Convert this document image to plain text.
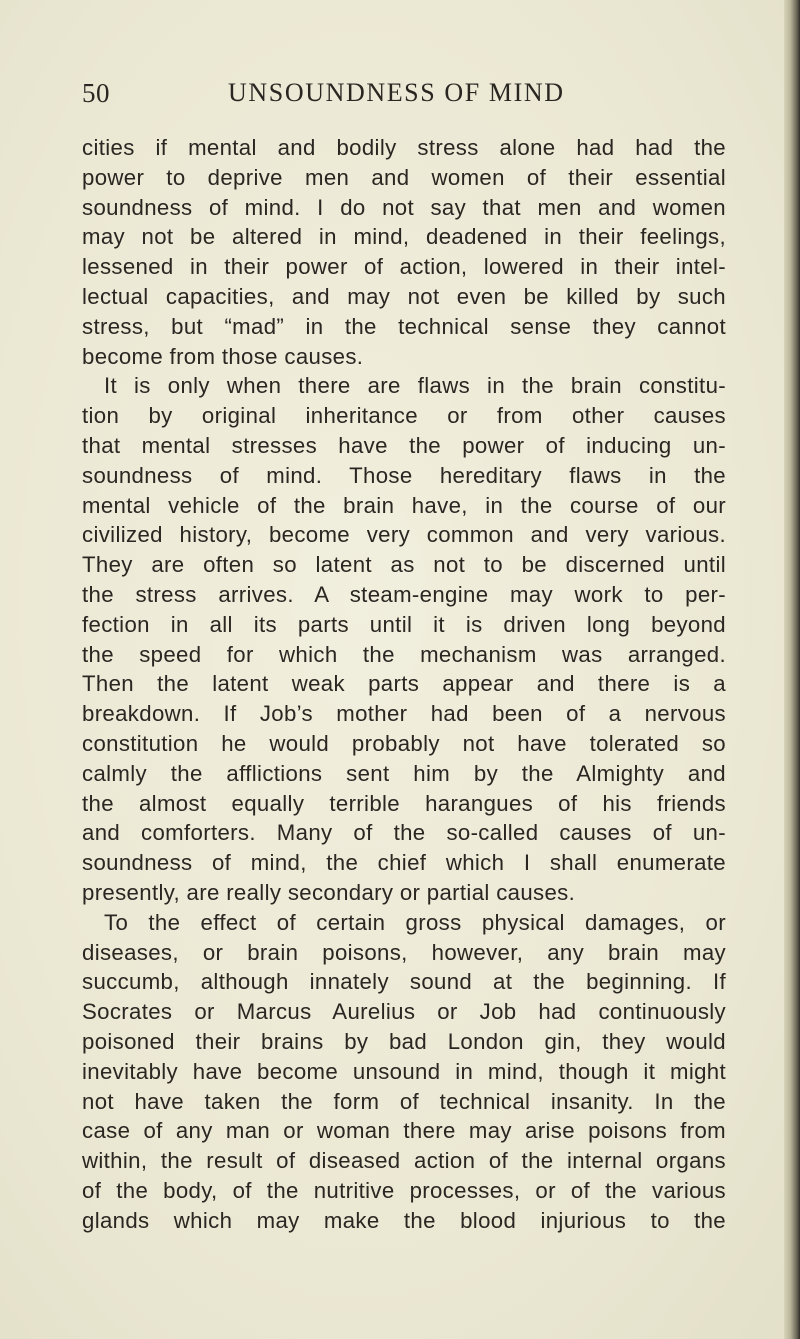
50	UNSOUNDNESS OF MIND
cities if mental and bodily stress alone had had the
power to deprive men and women of their essential
soundness of mind. I do not say that men and women
may not be altered in mind, deadened in their feelings,
lessened in their power of action, lowered in their intel-
lectual capacities, and may not even be killed by such
stress, but “mad” in the technical sense they cannot
become from those causes.
It is only when there are flaws in the brain constitu-
tion by original inheritance or from other causes
that mental stresses have the power of inducing un-
soundness of mind. Those hereditary flaws in the
mental vehicle of the brain have, in the course of our
civilized history, become very common and very various.
They are often so latent as not to be discerned until
the stress arrives. A steam-engine may work to per-
fection in all its parts until it is driven long beyond
the speed for which the mechanism was arranged.
Then the latent weak parts appear and there is a
breakdown. If Job’s mother had been of a nervous
constitution he would probably not have tolerated so
calmly the afflictions sent him by the Almighty and
the almost equally terrible harangues of his friends
and comforters. Many of the so-called causes of un-
soundness of mind, the chief which I shall enumerate
presently, are really secondary or partial causes.
To the effect of certain gross physical damages, or
diseases, or brain poisons, however, any brain may
succumb, although innately sound at the beginning. If
Socrates or Marcus Aurelius or Job had continuously
poisoned their brains by bad London gin, they would
inevitably have become unsound in mind, though it might
not have taken the form of technical insanity. In the
case of any man or woman there may arise poisons from
within, the result of diseased action of the internal organs
of the body, of the nutritive processes, or of the various
glands which may make the blood injurious to the
